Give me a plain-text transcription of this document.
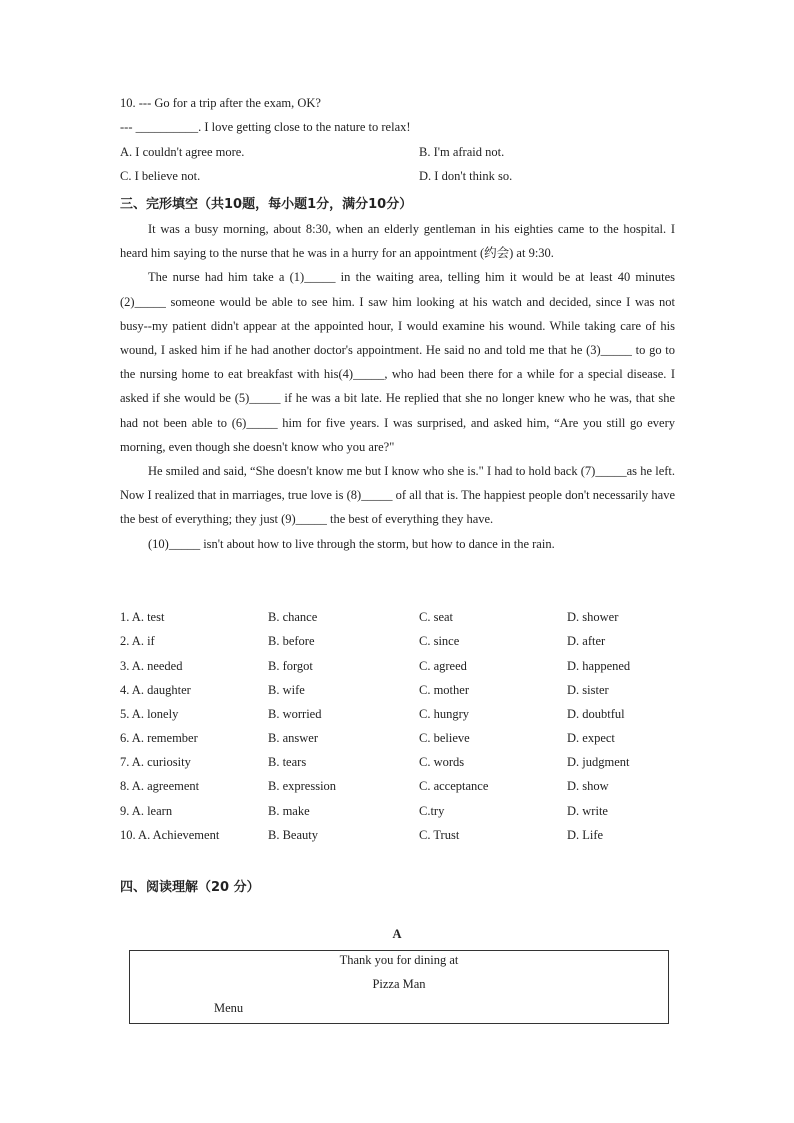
10. --- Go for a trip after the exam, OK?
--- __________. I love getting close to the nature to relax!
A. I couldn't agree more.	B. I'm afraid not.
C. I believe not.	D. I don't think so.
三、完形填空（共10题，每小题1分，满分10分）

It was a busy morning, about 8:30, when an elderly gentleman in his eighties came to the hospital. I heard him saying to the nurse that he was in a hurry for an appointment (约会) at 9:30.

The nurse had him take a (1)_____ in the waiting area, telling him it would be at least 40 minutes (2)_____ someone would be able to see him. I saw him looking at his watch and decided, since I was not busy--my patient didn't appear at the appointed hour, I would examine his wound. While taking care of his wound, I asked him if he had another doctor's appointment. He said no and told me that he (3)_____ to go to the nursing home to eat breakfast with his(4)_____, who had been there for a while for a special disease. I asked if she would be (5)_____ if he was a bit late. He replied that she no longer knew who he was, that she had not been able to (6)_____ him for five years. I was surprised, and asked him, “Are you still go every morning, even though she doesn't know who you are?"

He smiled and said, “She doesn't know me but I know who she is." I had to hold back (7)_____as he left. Now I realized that in marriages, true love is (8)_____ of all that is. The happiest people don't necessarily have the best of everything; they just (9)_____ the best of everything they have.

(10)_____ isn't about how to live through the storm, but how to dance in the rain.

1. A. test	B. chance	C. seat	D. shower
2. A. if	B. before	C. since	D. after
3. A. needed	B. forgot	C. agreed	D. happened
4. A. daughter	B. wife	C. mother	D. sister
5. A. lonely	B. worried	C. hungry	D. doubtful
6. A. remember	B. answer	C. believe	D. expect
7. A. curiosity	B. tears	C. words	D. judgment
8. A. agreement	B. expression	C. acceptance	D. show
9. A. learn	B. make	C.try	D. write
10. A. Achievement	B. Beauty	C. Trust	D. Life
四、阅读理解（20 分）
A
Thank you for dining at
Pizza Man
Menu
